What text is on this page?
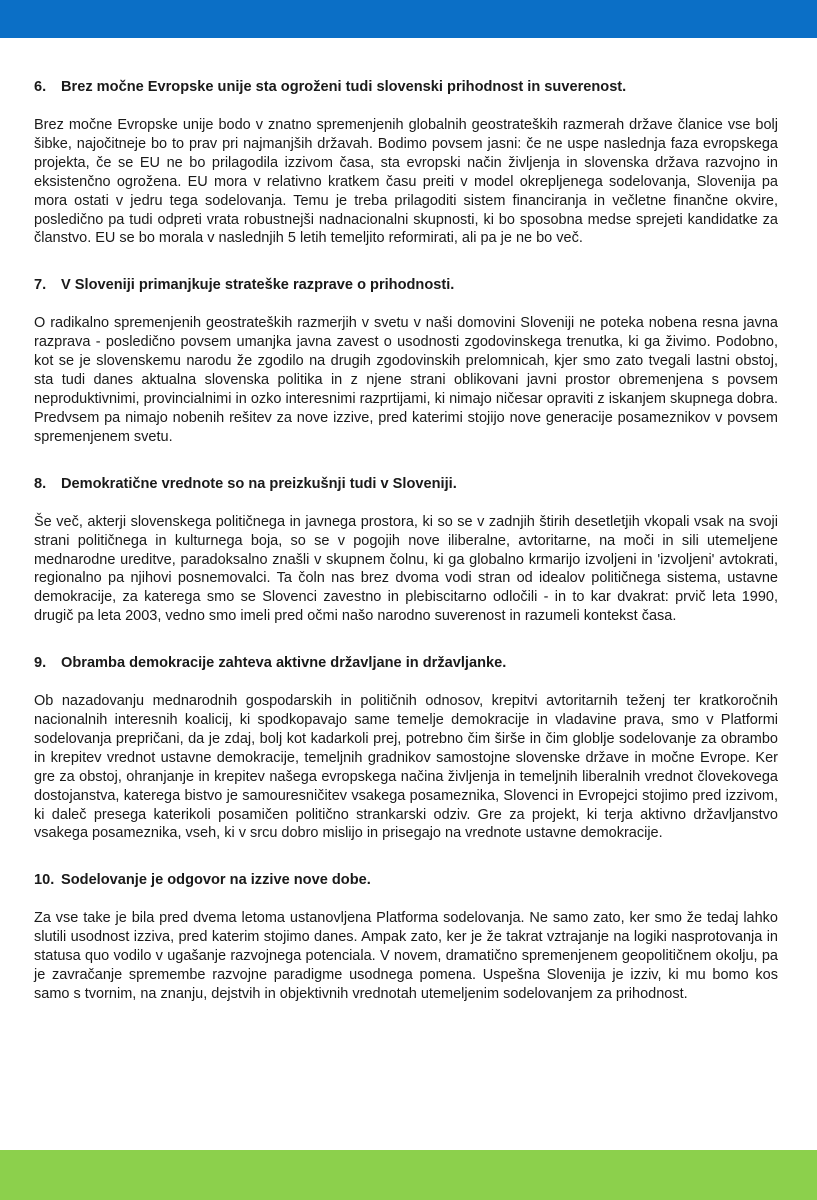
6.	Brez močne Evropske unije sta ogroženi tudi slovenski prihodnost in suverenost.

Brez močne Evropske unije bodo v znatno spremenjenih globalnih geostrateških razmerah države članice vse bolj šibke, najočitneje bo to prav pri najmanjših državah. Bodimo povsem jasni: če ne uspe naslednja faza evropskega projekta, če se EU ne bo prilagodila izzivom časa, sta evropski način življenja in slovenska država razvojno in eksistenčno ogrožena. EU mora v relativno kratkem času preiti v model okrepljenega sodelovanja, Slovenija pa mora ostati v jedru tega sodelovanja. Temu je treba prilagoditi sistem financiranja in večletne finančne okvire, posledično pa tudi odpreti vrata robustnejši nadnacionalni skupnosti, ki bo sposobna medse sprejeti kandidatke za članstvo. EU se bo morala v naslednjih 5 letih temeljito reformirati, ali pa je ne bo več.

7.	V Sloveniji primanjkuje strateške razprave o prihodnosti.

O radikalno spremenjenih geostrateških razmerjih v svetu v naši domovini Sloveniji ne poteka nobena resna javna razprava - posledično povsem umanjka javna zavest o usodnosti zgodovinskega trenutka, ki ga živimo. Podobno, kot se je slovenskemu narodu že zgodilo na drugih zgodovinskih prelomnicah, kjer smo zato tvegali lastni obstoj, sta tudi danes aktualna slovenska politika in z njene strani oblikovani javni prostor obremenjena s povsem neproduktivnimi, provincialnimi in ozko interesnimi razprtijami, ki nimajo ničesar opraviti z iskanjem skupnega dobra. Predvsem pa nimajo nobenih rešitev za nove izzive, pred katerimi stojijo nove generacije posameznikov v povsem spremenjenem svetu.

8.	Demokratične vrednote so na preizkušnji tudi v Sloveniji.

Še več, akterji slovenskega političnega in javnega prostora, ki so se v zadnjih štirih desetletjih vkopali vsak na svoji strani političnega in kulturnega boja, so se v pogojih nove iliberalne, avtoritarne, na moči in sili utemeljene mednarodne ureditve, paradoksalno znašli v skupnem čolnu, ki ga globalno krmarijo izvoljeni in 'izvoljeni' avtokrati, regionalno pa njihovi posnemovalci. Ta čoln nas brez dvoma vodi stran od idealov političnega sistema, ustavne demokracije, za katerega smo se Slovenci zavestno in plebiscitarno odločili - in to kar dvakrat: prvič leta 1990, drugič pa leta 2003, vedno smo imeli pred očmi našo narodno suverenost in razumeli kontekst časa.

9.	Obramba demokracije zahteva aktivne državljane in državljanke.

Ob nazadovanju mednarodnih gospodarskih in političnih odnosov, krepitvi avtoritarnih teženj ter kratkoročnih nacionalnih interesnih koalicij, ki spodkopavajo same temelje demokracije in vladavine prava, smo v Platformi sodelovanja prepričani, da je zdaj, bolj kot kadarkoli prej, potrebno čim širše in čim globlje sodelovanje za obrambo in krepitev vrednot ustavne demokracije, temeljnih gradnikov samostojne slovenske države in močne Evrope. Ker gre za obstoj, ohranjanje in krepitev našega evropskega načina življenja in temeljnih liberalnih vrednot človekovega dostojanstva, katerega bistvo je samouresničitev vsakega posameznika, Slovenci in Evropejci stojimo pred izzivom, ki daleč presega katerikoli posamičen politično strankarski odziv. Gre za projekt, ki terja aktivno državljanstvo vsakega posameznika, vseh, ki v srcu dobro mislijo in prisegajo na vrednote ustavne demokracije.

10. Sodelovanje je odgovor na izzive nove dobe.

Za vse take je bila pred dvema letoma ustanovljena Platforma sodelovanja. Ne samo zato, ker smo že tedaj lahko slutili usodnost izziva, pred katerim stojimo danes. Ampak zato, ker je že takrat vztrajanje na logiki nasprotovanja in statusa quo vodilo v ugašanje razvojnega potenciala. V novem, dramatično spremenjenem geopolitičnem okolju, pa je zavračanje spremembe razvojne paradigme usodnega pomena. Uspešna Slovenija je izziv, ki mu bomo kos samo s tvornim, na znanju, dejstvih in objektivnih vrednotah utemeljenim sodelovanjem za prihodnost.
